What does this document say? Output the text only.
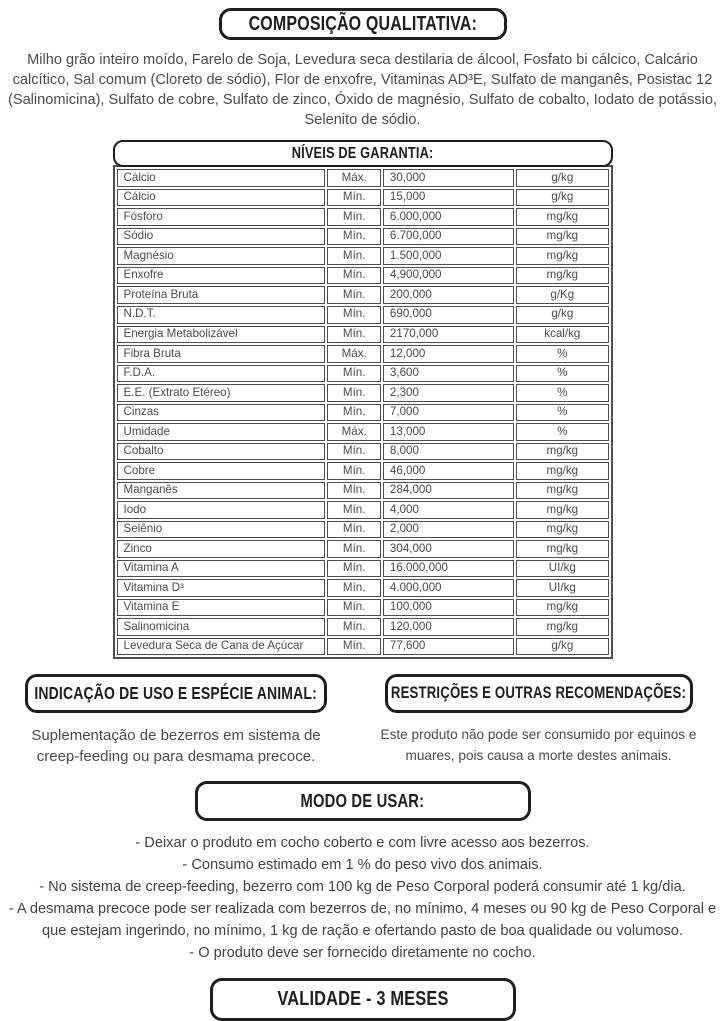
COMPOSIÇÃO QUALITATIVA:

Milho grão inteiro moído, Farelo de Soja, Levedura seca destilaria de álcool, Fosfato bi cálcico, Calcário calcítico, Sal comum (Cloreto de sódio), Flor de enxofre, Vitaminas AD³E, Sulfato de manganês, Posistac 12 (Salinomicina), Sulfato de cobre, Sulfato de zinco, Óxido de magnésio, Sulfato de cobalto, Iodato de potássio, Selenito de sódio.

NÍVEIS DE GARANTIA:
Cálcio	Máx.	30,000	g/kg
Cálcio	Mín.	15,000	g/kg
Fósforo	Mín.	6.000,000	mg/kg
Sódio	Mín.	6.700,000	mg/kg
Magnésio	Mín.	1.500,000	mg/kg
Enxofre	Mín.	4,900,000	mg/kg
Proteína Bruta	Mín.	200,000	g/Kg
N.D.T.	Mín.	690,000	g/kg
Energia Metabolizável	Mín.	2170,000	kcal/kg
Fibra Bruta	Máx.	12,000	%
F.D.A.	Mín.	3,600	%
E.E. (Extrato Etéreo)	Mín.	2,300	%
Cinzas	Mín.	7,000	%
Umidade	Máx.	13,000	%
Cobalto	Mín.	8,000	mg/kg
Cobre	Mín.	46,000	mg/kg
Manganês	Mín.	284,000	mg/kg
Iodo	Mín.	4,000	mg/kg
Selênio	Mín.	2,000	mg/kg
Zinco	Mín.	304,000	mg/kg
Vitamina A	Mín.	16.000,000	UI/kg
Vitamina D³	Mín.	4.000,000	UI/kg
Vitamina E	Mín.	100,000	mg/kg
Salinomicina	Mín.	120,000	mg/kg
Levedura Seca de Cana de Açúcar	Mín.	77,600	g/kg
INDICAÇÃO DE USO E ESPÉCIE ANIMAL:

Suplementação de bezerros em sistema de creep-feeding ou para desmama precoce.

RESTRIÇÕES E OUTRAS RECOMENDAÇÕES:

Este produto não pode ser consumido por equinos e muares, pois causa a morte destes animais.

MODO DE USAR:
- Deixar o produto em cocho coberto e com livre acesso aos bezerros.
- Consumo estimado em 1 % do peso vivo dos animais.
- No sistema de creep-feeding, bezerro com 100 kg de Peso Corporal poderá consumir até 1 kg/dia.
- A desmama precoce pode ser realizada com bezerros de, no mínimo, 4 meses ou 90 kg de Peso Corporal e que estejam ingerindo, no mínimo, 1 kg de ração e ofertando pasto de boa qualidade ou volumoso.
- O produto deve ser fornecido diretamente no cocho.
VALIDADE - 3 MESES
